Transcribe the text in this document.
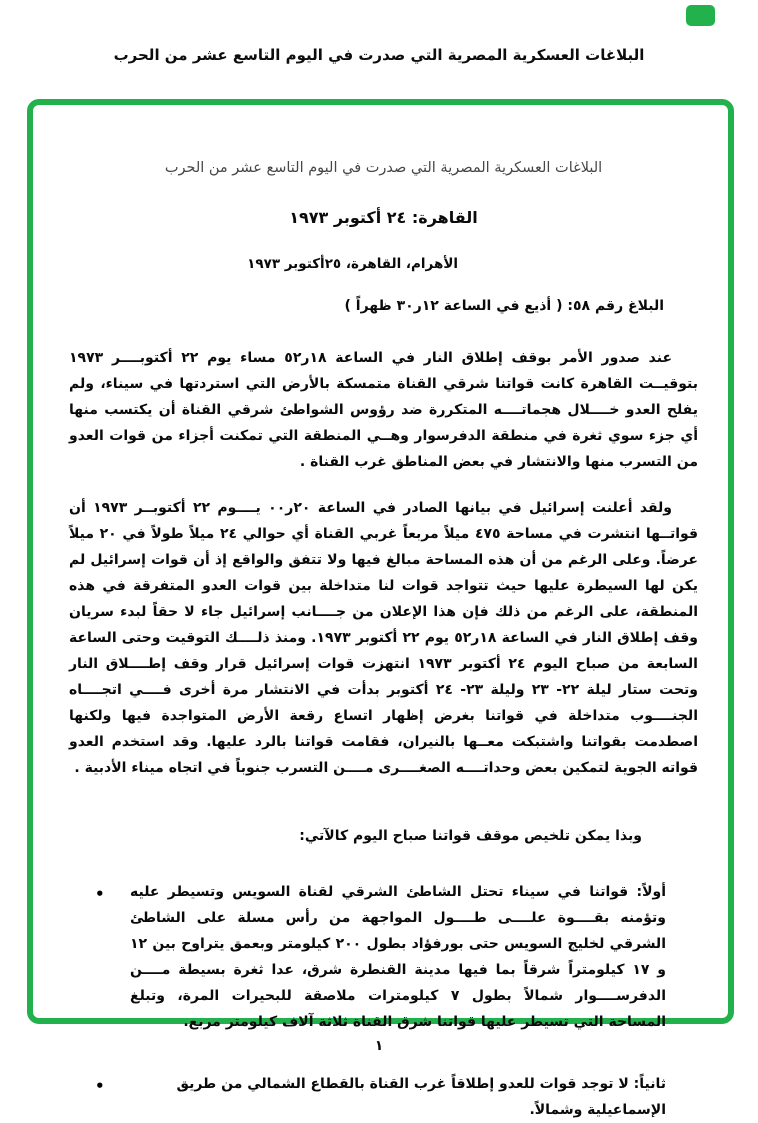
البلاغات العسكرية المصرية التي صدرت في اليوم التاسع عشر من الحرب
البلاغات العسكرية المصرية التي صدرت في اليوم التاسع عشر من الحرب
القاهرة: ٢٤ أكتوبر ١٩٧٣
الأهرام، القاهرة، ٢٥أكتوبر ١٩٧٣
البلاغ رقم ٥٨: ( أذيع في الساعة ١٢ر٣٠ ظهراً )
عند صدور الأمر بوقف إطلاق النار في الساعة ١٨ر٥٢ مساء يوم ٢٢ أكتوبــــر ١٩٧٣ بتوقيــت القاهرة كانت قواتنا شرقي القناة متمسكة بالأرض التي استردتها في سيناء، ولم يفلح العدو خــــلال هجماتــــه المتكررة ضد رؤوس الشواطئ شرقي القناة أن يكتسب منها أي جزء سوي ثغرة في منطقة الدفرسوار وهــي المنطقة التي تمكنت أجزاء من قوات العدو من التسرب منها والانتشار في بعض المناطق غرب القناة .
ولقد أعلنت إسرائيل في بيانها الصادر في الساعة ٢٠ر٠٠ يــــوم ٢٢ أكتوبــر ١٩٧٣ أن قواتــها انتشرت في مساحة ٤٧٥ ميلاً مربعاً غربي القناة أي حوالي ٢٤ ميلاً طولاً في ٢٠ ميلاً عرضاً. وعلى الرغم من أن هذه المساحة مبالغ فيها ولا تتفق والواقع إذ أن قوات إسرائيل لم يكن لها السيطرة عليها حيث تتواجد قوات لنا متداخلة بين قوات العدو المتفرقة في هذه المنطقة، على الرغم من ذلك فإن هذا الإعلان من جــــانب إسرائيل جاء لا حقاً لبدء سريان وقف إطلاق النار في الساعة ١٨ر٥٢ يوم ٢٢ أكتوبر ١٩٧٣. ومنذ ذلــــك التوقيت وحتى الساعة السابعة من صباح اليوم ٢٤ أكتوبر ١٩٧٣ انتهزت قوات إسرائيل قرار وقف إطــــلاق النار وتحت ستار ليلة ٢٢- ٢٣ وليلة ٢٣- ٢٤ أكتوبر بدأت في الانتشار مرة أخرى فــــي اتجــــاه الجنــــوب متداخلة في قواتنا بغرض إظهار اتساع رقعة الأرض المتواجدة فيها ولكنها اصطدمت بقواتنا واشتبكت معــها بالنيران، فقامت قواتنا بالرد عليها. وقد استخدم العدو قواته الجوية لتمكين بعض وحداتــــه الصغــــرى مــــن التسرب جنوباً في اتجاه ميناء الأدبية .
وبذا يمكن تلخيص موقف قواتنا صباح اليوم كالآتي:
• أولاً: قواتنا في سيناء تحتل الشاطئ الشرقي لقناة السويس وتسيطر عليه وتؤمنه بقــــوة علــــى طــــول المواجهة من رأس مسلة على الشاطئ الشرقي لخليج السويس حتى بورفؤاد بطول ٢٠٠ كيلومتر وبعمق يتراوح بين ١٢ و ١٧ كيلومتراً شرقاً بما فيها مدينة القنطرة شرق، عدا ثغرة بسيطة مــــن الدفرســــوار شمالاً بطول ٧ كيلومترات ملاصقة للبحيرات المرة، وتبلغ المساحة التي تسيطر عليها قواتنا شرق القناة ثلاثة آلاف كيلومتر مربع.
•	ثانياً: لا توجد قوات للعدو إطلاقاً غرب القناة بالقطاع الشمالي من طريق الإسماعيلية وشمالاً.
١
